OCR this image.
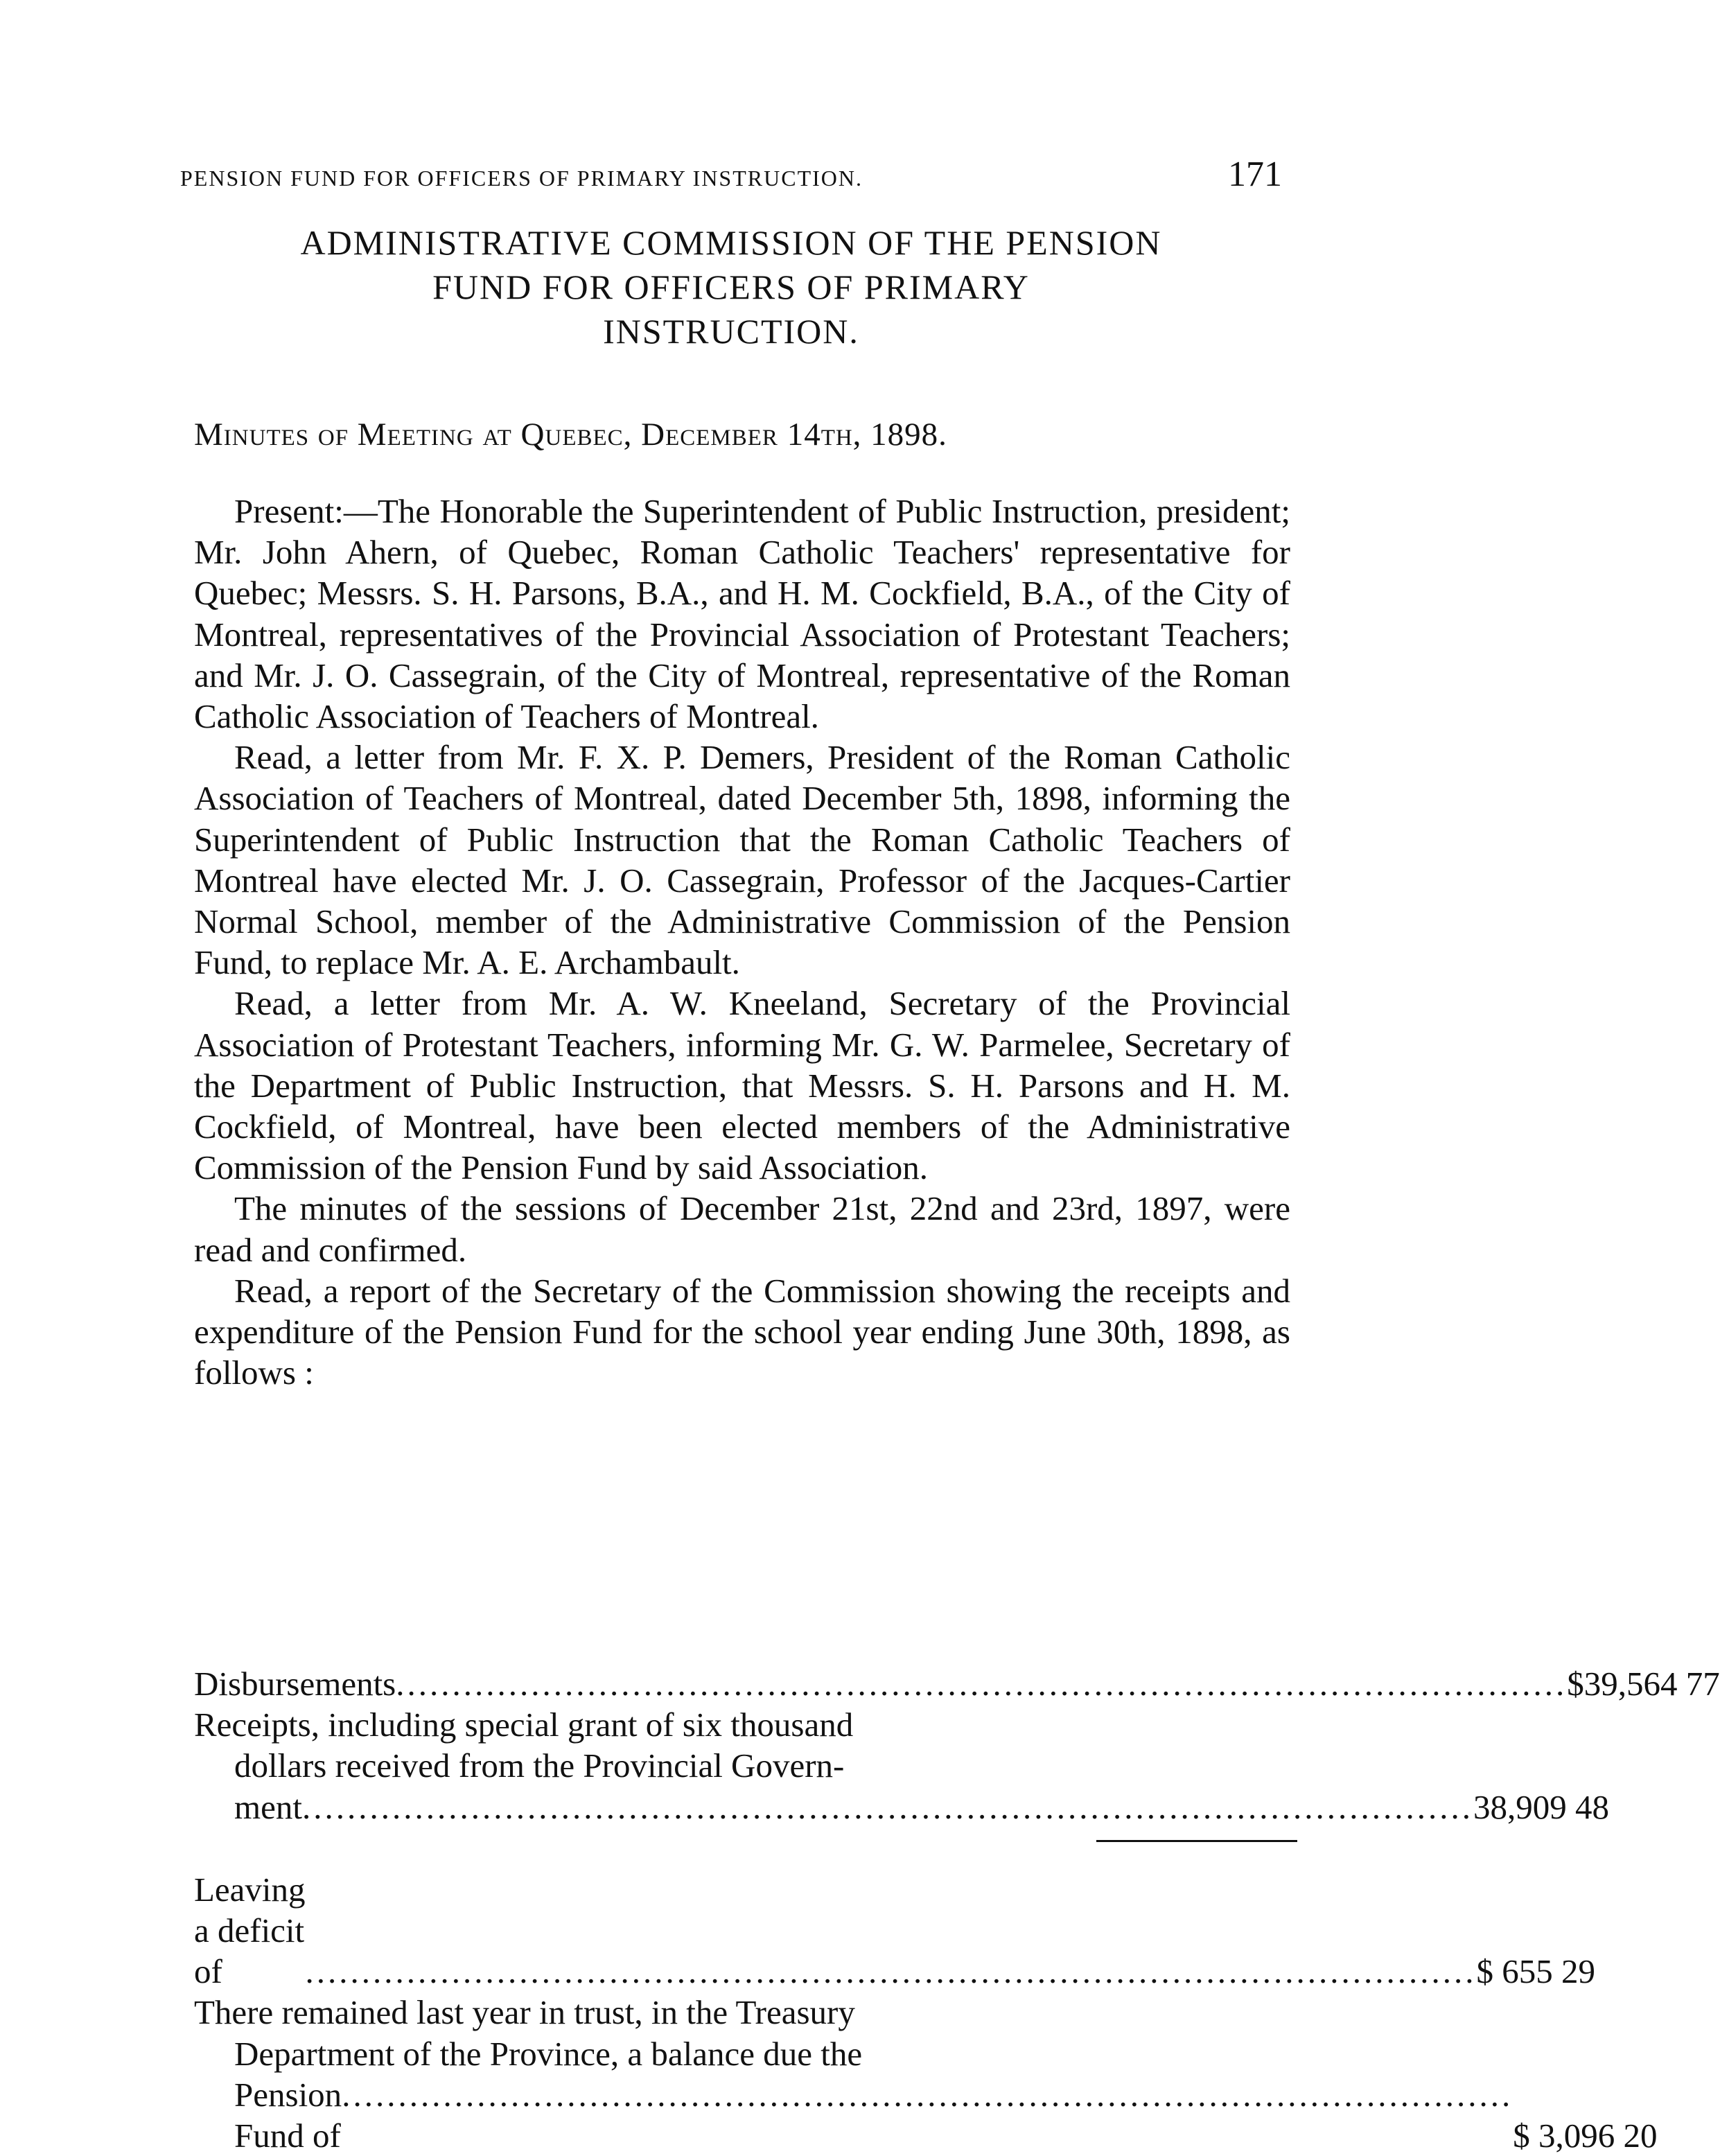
PENSION FUND FOR OFFICERS OF PRIMARY INSTRUCTION.	171
ADMINISTRATIVE COMMISSION OF THE PENSION
FUND FOR OFFICERS OF PRIMARY
INSTRUCTION.
Minutes of Meeting at Quebec, December 14th, 1898.

Present:—The Honorable the Superintendent of Public Instruction, president; Mr. John Ahern, of Quebec, Roman Catholic Teachers' representative for Quebec; Messrs. S. H. Parsons, B.A., and H. M. Cockfield, B.A., of the City of Montreal, representatives of the Provincial Association of Protestant Teachers; and Mr. J. O. Cassegrain, of the City of Montreal, representative of the Roman Catholic Association of Teachers of Montreal.

Read, a letter from Mr. F. X. P. Demers, President of the Roman Catholic Association of Teachers of Montreal, dated December 5th, 1898, informing the Superintendent of Public Instruction that the Roman Catholic Teachers of Montreal have elected Mr. J. O. Cassegrain, Professor of the Jacques-Cartier Normal School, member of the Administrative Commission of the Pension Fund, to replace Mr. A. E. Archambault.

Read, a letter from Mr. A. W. Kneeland, Secretary of the Provincial Association of Protestant Teachers, informing Mr. G. W. Parmelee, Secretary of the Department of Public Instruction, that Messrs. S. H. Parsons and H. M. Cockfield, of Montreal, have been elected members of the Administrative Commission of the Pension Fund by said Association.

The minutes of the sessions of December 21st, 22nd and 23rd, 1897, were read and confirmed.

Read, a report of the Secretary of the Commission showing the receipts and expenditure of the Pension Fund for the school year ending June 30th, 1898, as follows :

Disbursements ........................................................................................................ $39,564 77
Receipts, including special grant of six thousand
dollars received from the Provincial Govern-
ment ........................................................................................................ 38,909 48
Leaving a deficit of	........................................................................................................ $ 655 29
There remained last year in trust, in the Treasury
Department of the Province, a balance due the
Pension Fund of
........................................................................................................
$ 3,096 20
